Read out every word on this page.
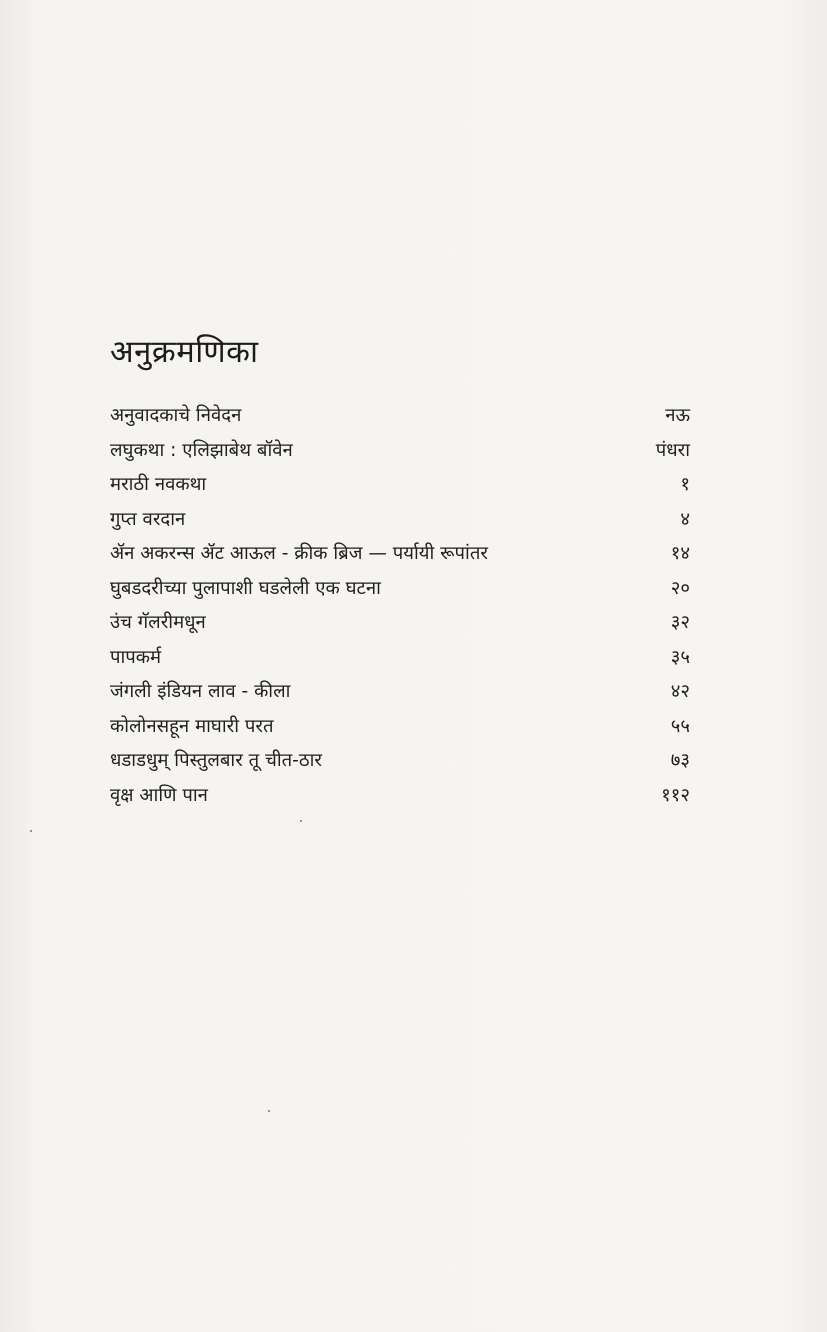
अनुक्रमणिका
अनुवादकाचे निवेदन	नऊ
लघुकथा : एलिझाबेथ बॉवेन	पंधरा
मराठी नवकथा	१
गुप्त वरदान	४
ॲन अकरन्स ॲट आऊल - क्रीक ब्रिज — पर्यायी रूपांतर	१४
घुबडदरीच्या पुलापाशी घडलेली एक घटना	२०
उंच गॅलरीमधून	३२
पापकर्म	३५
जंगली इंडियन लाव - कीला	४२
कोलोनसहून माघारी परत	५५
धडाडधुम् पिस्तुलबार तू चीत-ठार	७३
वृक्ष आणि पान	११२
